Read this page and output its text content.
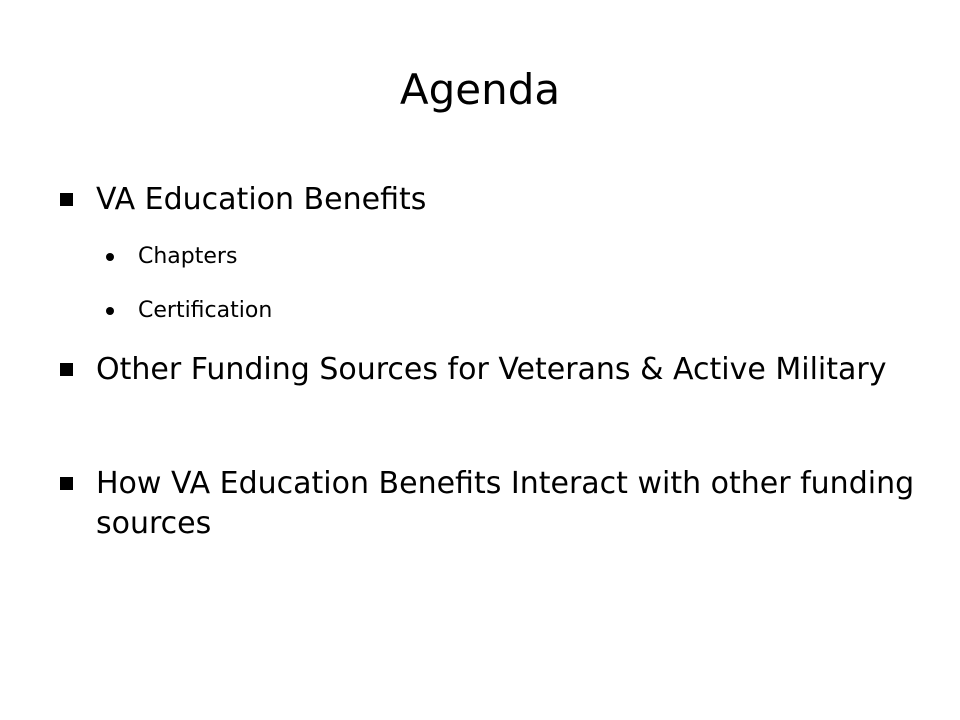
Agenda
VA Education Benefits
Chapters
Certification
Other Funding Sources for Veterans & Active Military
How VA Education Benefits Interact with other funding sources
